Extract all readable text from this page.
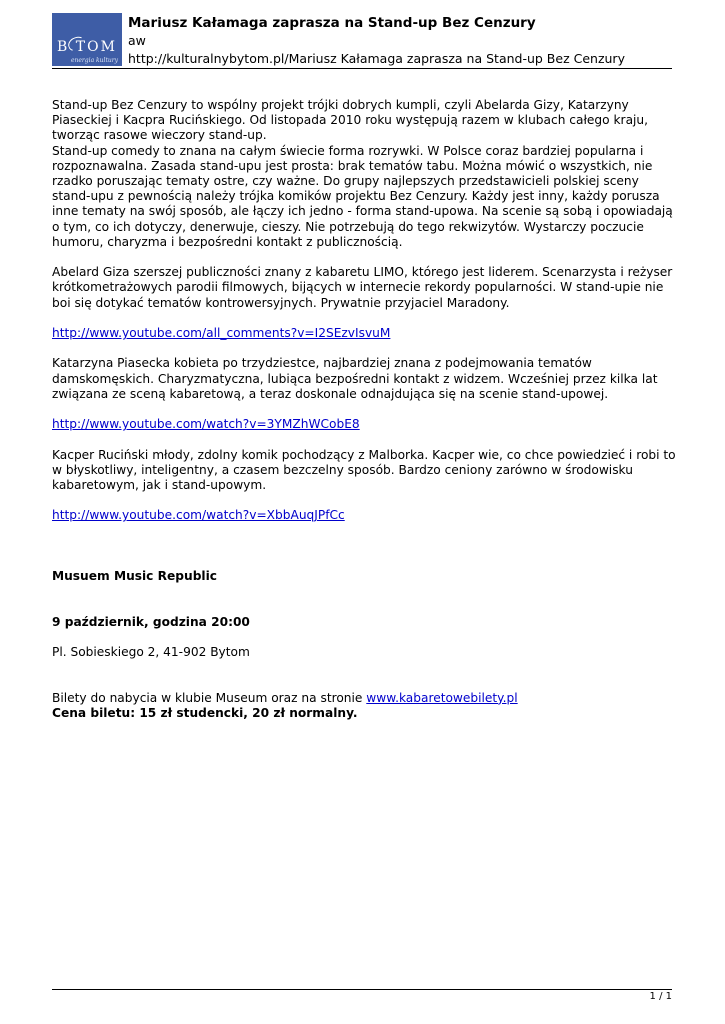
B TOM
energia kultury

Mariusz Kałamaga zaprasza na Stand-up Bez Cenzury

aw

http://kulturalnybytom.pl/Mariusz Kałamaga zaprasza na Stand-up Bez Cenzury

Stand-up Bez Cenzury to wspólny projekt trójki dobrych kumpli, czyli Abelarda Gizy, Katarzyny Piaseckiej i Kacpra Rucińskiego. Od listopada 2010 roku występują razem w klubach całego kraju, tworząc rasowe wieczory stand-up.

Stand-up comedy to znana na całym świecie forma rozrywki. W Polsce coraz bardziej popularna i rozpoznawalna. Zasada stand-upu jest prosta: brak tematów tabu. Można mówić o wszystkich, nie rzadko poruszając tematy ostre, czy ważne. Do grupy najlepszych przedstawicieli polskiej sceny stand-upu z pewnością należy trójka komików projektu Bez Cenzury. Każdy jest inny, każdy porusza inne tematy na swój sposób, ale łączy ich jedno - forma stand-upowa. Na scenie są sobą i opowiadają o tym, co ich dotyczy, denerwuje, cieszy. Nie potrzebują do tego rekwizytów. Wystarczy poczucie humoru, charyzma i bezpośredni kontakt z publicznością.

Abelard Giza szerszej publiczności znany z kabaretu LIMO, którego jest liderem. Scenarzysta i reżyser krótkometrażowych parodii filmowych, bijących w internecie rekordy popularności. W stand-upie nie boi się dotykać tematów kontrowersyjnych. Prywatnie przyjaciel Maradony.

http://www.youtube.com/all_comments?v=I2SEzvIsvuM

Katarzyna Piasecka kobieta po trzydziestce, najbardziej znana z podejmowania tematów damskomęskich. Charyzmatyczna, lubiąca bezpośredni kontakt z widzem. Wcześniej przez kilka lat związana ze sceną kabaretową, a teraz doskonale odnajdująca się na scenie stand-upowej.

http://www.youtube.com/watch?v=3YMZhWCobE8

Kacper Ruciński młody, zdolny komik pochodzący z Malborka. Kacper wie, co chce powiedzieć i robi to w błyskotliwy, inteligentny, a czasem bezczelny sposób. Bardzo ceniony zarówno w środowisku kabaretowym, jak i stand-upowym.

http://www.youtube.com/watch?v=XbbAuqJPfCc

Musuem Music Republic

9 październik, godzina 20:00

Pl. Sobieskiego 2, 41-902 Bytom

Bilety do nabycia w klubie Museum oraz na stronie www.kabaretowebilety.pl

Cena biletu: 15 zł studencki, 20 zł normalny.

1 / 1
